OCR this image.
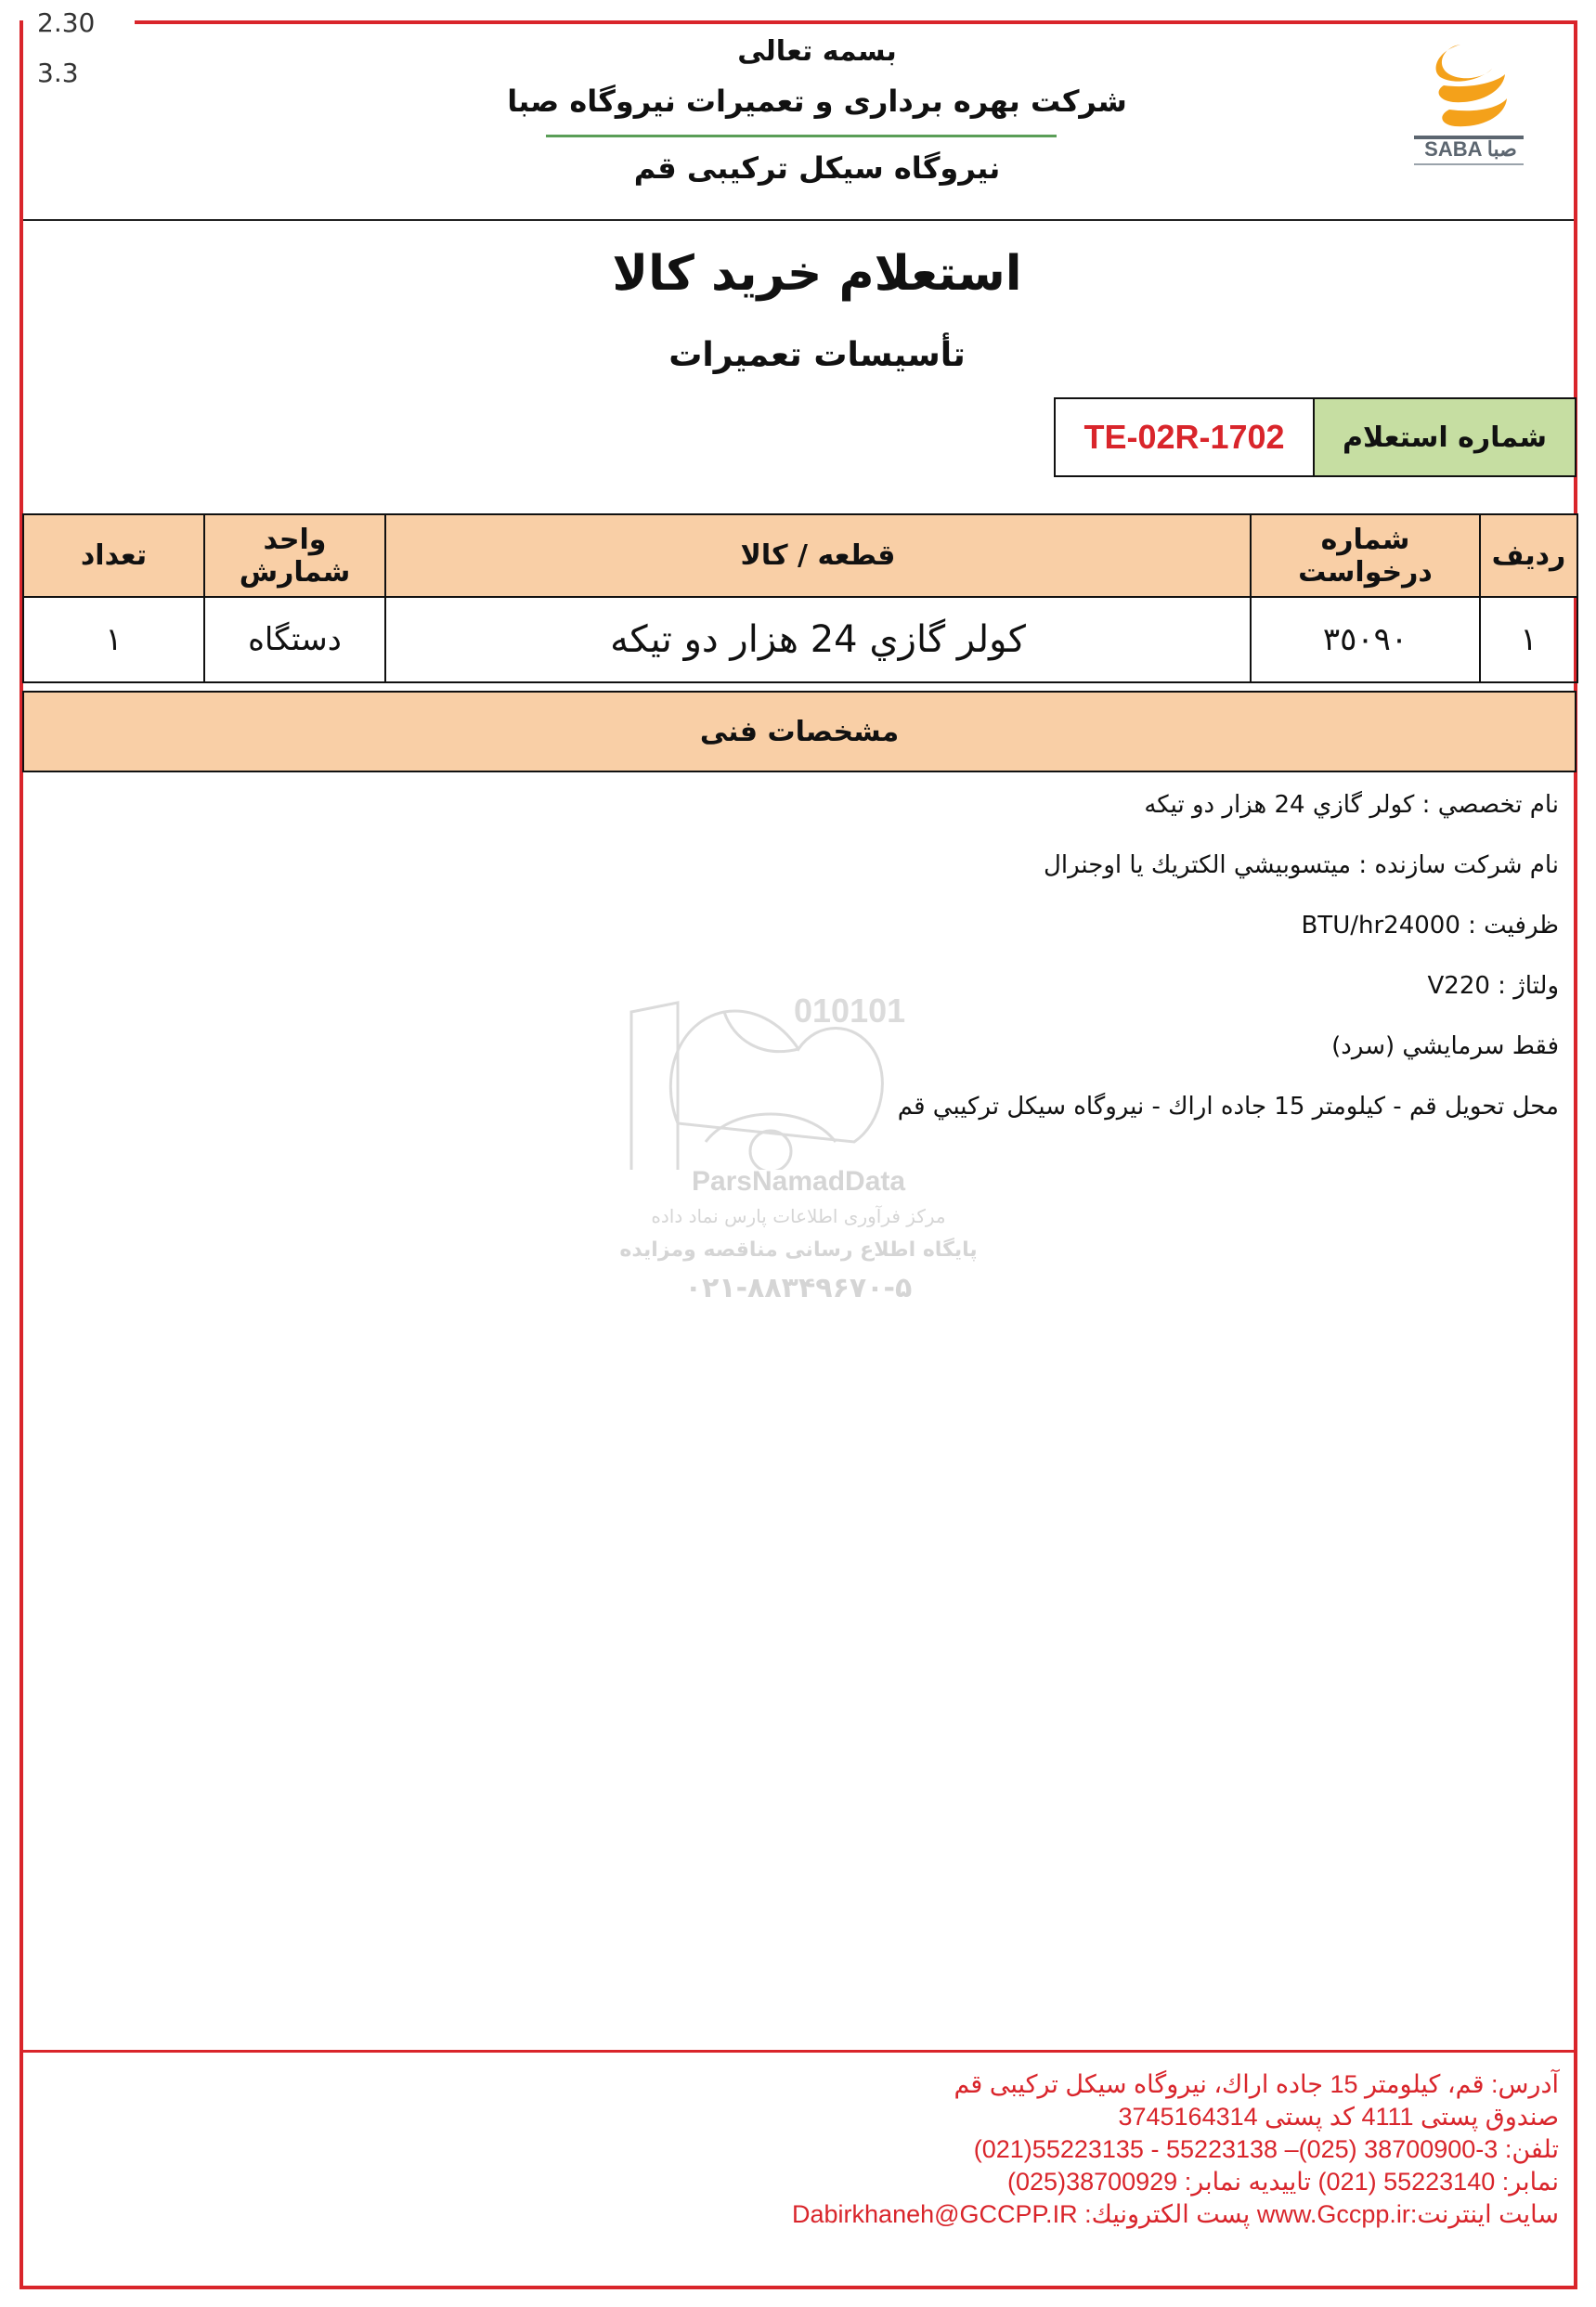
2.30
3.3
بسمه تعالی
شرکت بهره برداری و تعمیرات نیروگاه صبا
نیروگاه سیکل ترکیبی قم
SABA صبا
استعلام خرید کالا
تأسیسات تعمیرات
شماره استعلام
TE-02R-1702
ردیف	شماره درخواست	قطعه / کالا	واحد شمارش	تعداد
١	٣٥٠٩٠	كولر گازي 24 هزار دو تيكه	دستگاه	١
مشخصات فنی
نام تخصصي : كولر گازي 24 هزار دو تيكه
نام شركت سازنده : ميتسوبيشي الكتريك يا اوجنرال
ظرفيت : BTU/hr24000
ولتاژ : V220
فقط سرمايشي (سرد)
محل تحويل قم - كيلومتر 15 جاده اراك - نيروگاه سيكل تركيبي قم
010101
ParsNamadData
مرکز فرآوری اطلاعات پارس نماد داده
پایگاه اطلاع رسانی مناقصه ومزایده
۰۲۱-۸۸۳۴۹۶۷۰-۵
آدرس: قم، كيلومتر 15 جاده اراك، نيروگاه سيكل تركيبی قم
صندوق پستی 4111 كد پستی 3745164314
تلفن: 3-38700900 (025)– 55223138 - 55223135(021)
نمابر: 55223140 (021) تاييديه نمابر: 38700929(025)
سايت اينترنت:www.Gccpp.ir پست الكترونيك: Dabirkhaneh@GCCPP.IR
